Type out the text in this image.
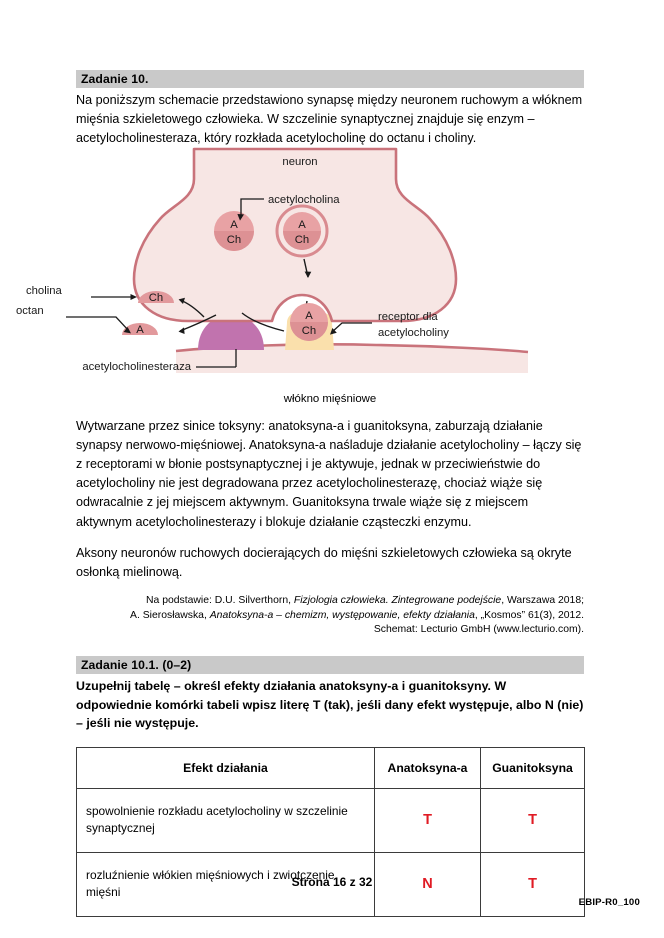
Zadanie 10.
Na poniższym schemacie przedstawiono synapsę między neuronem ruchowym a włóknem mięśnia szkieletowego człowieka. W szczelinie synaptycznej znajduje się enzym – acetylocholinesteraza, który rozkłada acetylocholinę do octanu i choliny.
A
Ch
A
Ch
A
Ch
Ch
A
cholina
octan
acetylocholinesteraza
receptor dla
acetylocholiny
acetylocholina
neuron
włókno mięśniowe
Wytwarzane przez sinice toksyny: anatoksyna-a i guanitoksyna, zaburzają działanie synapsy nerwowo-mięśniowej. Anatoksyna-a naśladuje działanie acetylocholiny – łączy się z receptorami w błonie postsynaptycznej i je aktywuje, jednak w przeciwieństwie do acetylocholiny nie jest degradowana przez acetylocholinesterazę, chociaż wiąże się odwracalnie z jej miejscem aktywnym. Guanitoksyna trwale wiąże się z miejscem aktywnym acetylocholinesterazy i blokuje działanie cząsteczki enzymu.
Aksony neuronów ruchowych docierających do mięśni szkieletowych człowieka są okryte osłonką mielinową.
Na podstawie: D.U. Silverthorn, Fizjologia człowieka. Zintegrowane podejście, Warszawa 2018;
A. Sierosławska, Anatoksyna-a – chemizm, występowanie, efekty działania, „Kosmos” 61(3), 2012.
Schemat: Lecturio GmbH (www.lecturio.com).
Zadanie 10.1. (0–2)
Uzupełnij tabelę – określ efekty działania anatoksyny-a i guanitoksyny. W odpowiednie komórki tabeli wpisz literę T (tak), jeśli dany efekt występuje, albo N (nie) – jeśli nie występuje.
Efekt działania	Anatoksyna-a	Guanitoksyna
spowolnienie rozkładu acetylocholiny w szczelinie synaptycznej	T	T
rozluźnienie włókien mięśniowych i zwiotczenie mięśni	N	T
Strona 16 z 32
EBIP-R0_100
